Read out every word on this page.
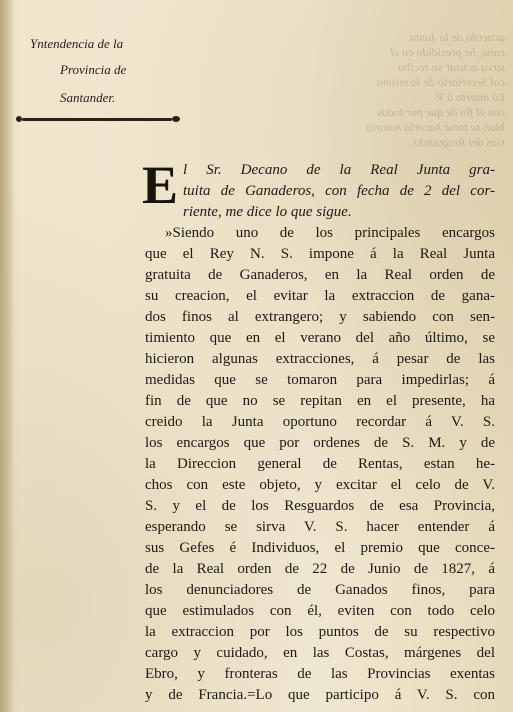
acuerdo de la Junta
cano, he presidido en el
sirva acusar su recibo
cal Secretario de la misma
Lo inserto á V.
con el fin de que por todos
blar, se tome hacerlo notorio
rios del Resguardo

Yntendencia de la
Provincia de
Santander.
E l Sr. Decano de la Real Junta gra-
tuita de Ganaderos, con fecha de 2 del cor-
riente, me dice lo que sigue.
»Siendo uno de los principales encargos
que el Rey N. S. impone á la Real Junta
gratuita de Ganaderos, en la Real orden de
su creacion, el evitar la extraccion de gana-
dos finos al extrangero; y sabiendo con sen-
timiento que en el verano del año último, se
hicieron algunas extracciones, á pesar de las
medidas que se tomaron para impedirlas; á
fin de que no se repitan en el presente, ha
creido la Junta oportuno recordar á V. S.
los encargos que por ordenes de S. M. y de
la Direccion general de Rentas, estan he-
chos con este objeto, y excitar el celo de V.
S. y el de los Resguardos de esa Provincia,
esperando se sirva V. S. hacer entender á
sus Gefes é Individuos, el premio que conce-
de la Real orden de 22 de Junio de 1827, á
los denunciadores de Ganados finos, para
que estimulados con él, eviten con todo celo
la extraccion por los puntos de su respectivo
cargo y cuidado, en las Costas, márgenes del
Ebro, y fronteras de las Provincias exentas
y de Francia.=Lo que participo á V. S. con
